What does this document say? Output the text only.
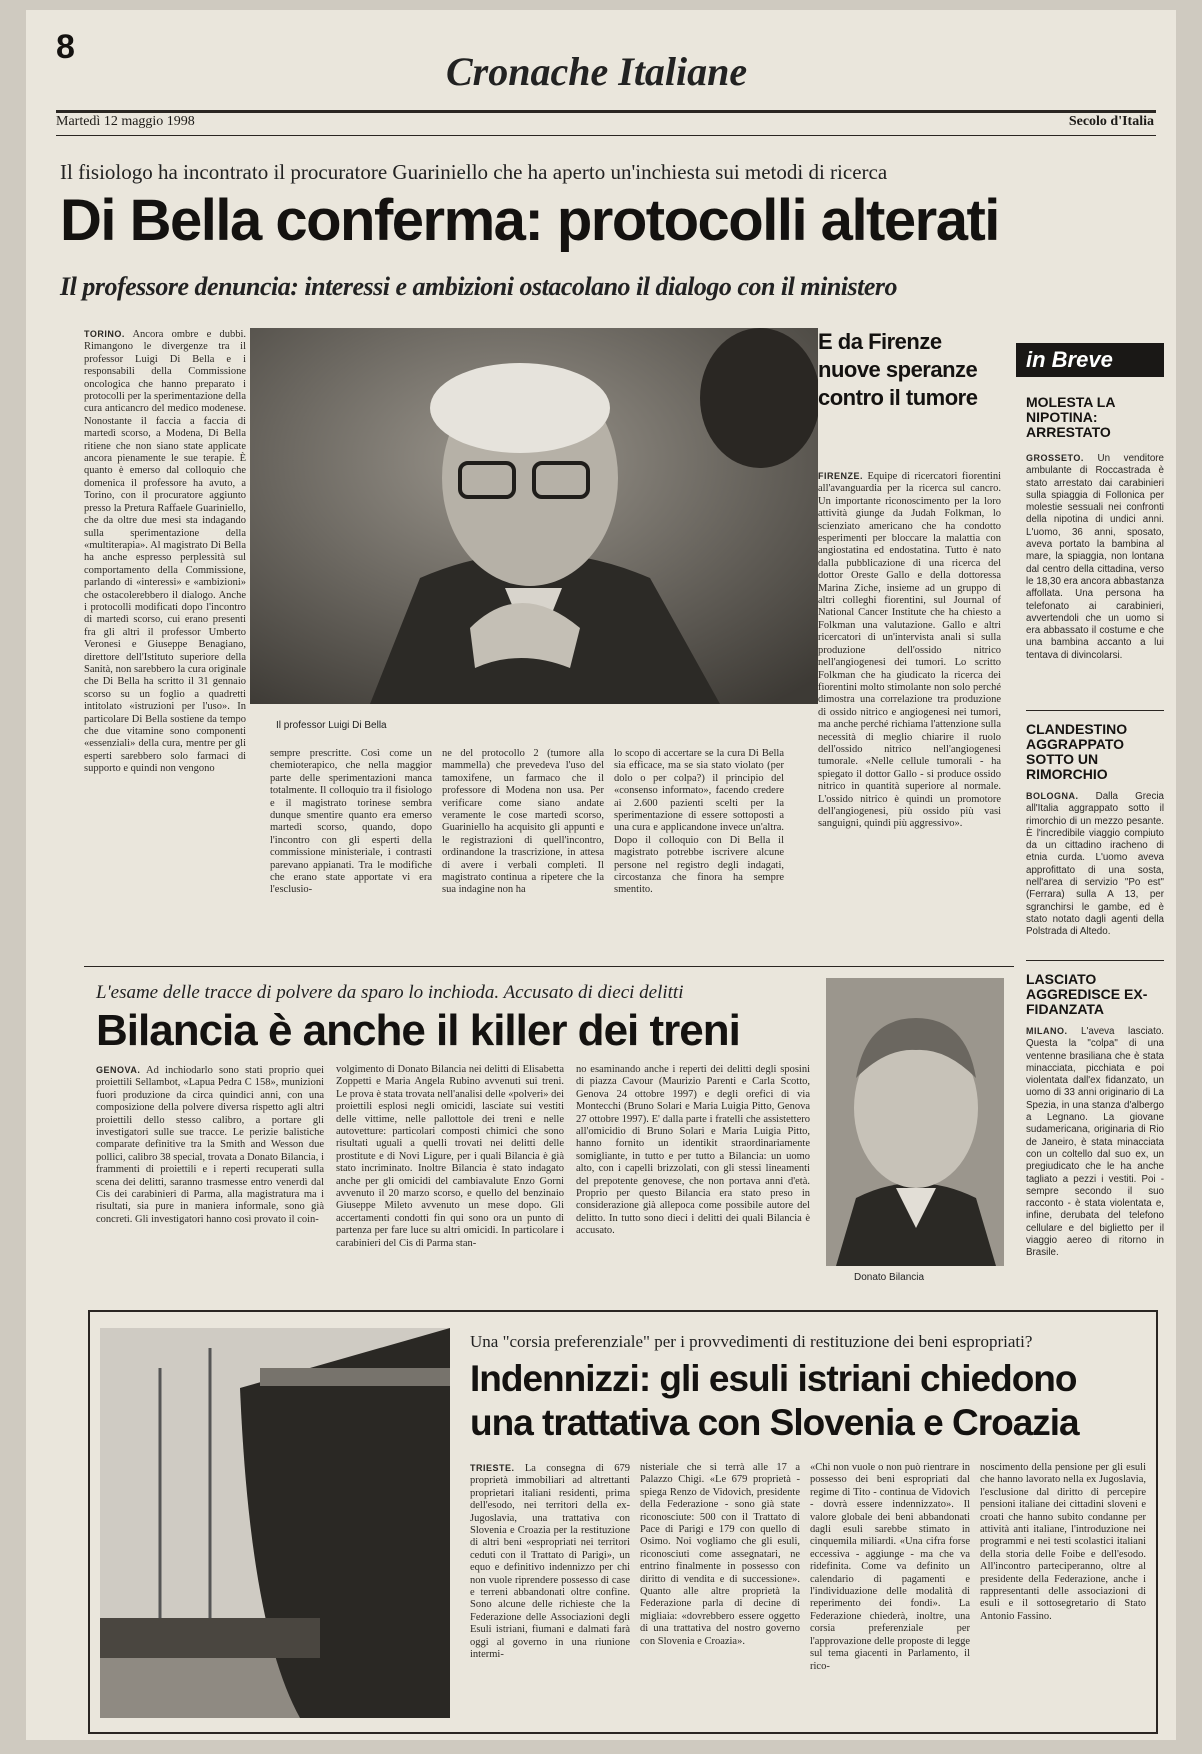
8
Cronache Italiane
Martedì 12 maggio 1998	Secolo d'Italia
Il fisiologo ha incontrato il procuratore Guariniello che ha aperto un'inchiesta sui metodi di ricerca
Di Bella conferma: protocolli alterati
Il professore denuncia: interessi e ambizioni ostacolano il dialogo con il ministero
Il professor Luigi Di Bella
TORINO. Ancora ombre e dubbi. Rimangono le divergenze tra il professor Luigi Di Bella e i responsabili della Commissione oncologica che hanno preparato i protocolli per la sperimentazione della cura anticancro del medico modenese. Nonostante il faccia a faccia di martedì scorso, a Modena, Di Bella ritiene che non siano state applicate ancora pienamente le sue terapie. È quanto è emerso dal colloquio che domenica il professore ha avuto, a Torino, con il procuratore aggiunto presso la Pretura Raffaele Guariniello, che da oltre due mesi sta indagando sulla sperimentazione della «multiterapia». Al magistrato Di Bella ha anche espresso perplessità sul comportamento della Commissione, parlando di «interessi» e «ambizioni» che ostacolerebbero il dialogo. Anche i protocolli modificati dopo l'incontro di martedì scorso, cui erano presenti fra gli altri il professor Umberto Veronesi e Giuseppe Benagiano, direttore dell'Istituto superiore della Sanità, non sarebbero la cura originale che Di Bella ha scritto il 31 gennaio scorso su un foglio a quadretti intitolato «istruzioni per l'uso». In particolare Di Bella sostiene da tempo che due vitamine sono componenti «essenziali» della cura, mentre per gli esperti sarebbero solo farmaci di supporto e quindi non vengono
sempre prescritte. Così come un chemioterapico, che nella maggior parte delle sperimentazioni manca totalmente. Il colloquio tra il fisiologo e il magistrato torinese sembra dunque smentire quanto era emerso martedì scorso, quando, dopo l'incontro con gli esperti della commissione ministeriale, i contrasti parevano appianati. Tra le modifiche che erano state apportate vi era l'esclusio-
ne del protocollo 2 (tumore alla mammella) che prevedeva l'uso del tamoxifene, un farmaco che il professore di Modena non usa. Per verificare come siano andate veramente le cose martedì scorso, Guariniello ha acquisito gli appunti e le registrazioni di quell'incontro, ordinandone la trascrizione, in attesa di avere i verbali completi. Il magistrato continua a ripetere che la sua indagine non ha
lo scopo di accertare se la cura Di Bella sia efficace, ma se sia stato violato (per dolo o per colpa?) il principio del «consenso informato», facendo credere ai 2.600 pazienti scelti per la sperimentazione di essere sottoposti a una cura e applicandone invece un'altra. Dopo il colloquio con Di Bella il magistrato potrebbe iscrivere alcune persone nel registro degli indagati, circostanza che finora ha sempre smentito.
E da Firenze nuove speranze contro il tumore
FIRENZE. Equipe di ricercatori fiorentini all'avanguardia per la ricerca sul cancro. Un importante riconoscimento per la loro attività giunge da Judah Folkman, lo scienziato americano che ha condotto esperimenti per bloccare la malattia con angiostatina ed endostatina. Tutto è nato dalla pubblicazione di una ricerca del dottor Oreste Gallo e della dottoressa Marina Ziche, insieme ad un gruppo di altri colleghi fiorentini, sul Journal of National Cancer Institute che ha chiesto a Folkman una valutazione. Gallo e altri ricercatori di un'intervista anali si sulla produzione dell'ossido nitrico nell'angiogenesi dei tumori. Lo scritto Folkman che ha giudicato la ricerca dei fiorentini molto stimolante non solo perché dimostra una correlazione tra produzione di ossido nitrico e angiogenesi nei tumori, ma anche perché richiama l'attenzione sulla necessità di meglio chiarire il ruolo dell'ossido nitrico nell'angiogenesi tumorale. «Nelle cellule tumorali - ha spiegato il dottor Gallo - si produce ossido nitrico in quantità superiore al normale. L'ossido nitrico è quindi un promotore dell'angiogenesi, più ossido più vasi sanguigni, quindi più aggressivo».
in Breve
MOLESTA LA NIPOTINA: ARRESTATO
GROSSETO. Un venditore ambulante di Roccastrada è stato arrestato dai carabinieri sulla spiaggia di Follonica per molestie sessuali nei confronti della nipotina di undici anni. L'uomo, 36 anni, sposato, aveva portato la bambina al mare, la spiaggia, non lontana dal centro della cittadina, verso le 18,30 era ancora abbastanza affollata. Una persona ha telefonato ai carabinieri, avvertendoli che un uomo si era abbassato il costume e che una bambina accanto a lui tentava di divincolarsi.
CLANDESTINO AGGRAPPATO SOTTO UN RIMORCHIO
BOLOGNA. Dalla Grecia all'Italia aggrappato sotto il rimorchio di un mezzo pesante. È l'incredibile viaggio compiuto da un cittadino iracheno di etnia curda. L'uomo aveva approfittato di una sosta, nell'area di servizio "Po est" (Ferrara) sulla A 13, per sgranchirsi le gambe, ed è stato notato dagli agenti della Polstrada di Altedo.
LASCIATO AGGREDISCE EX-FIDANZATA
MILANO. L'aveva lasciato. Questa la "colpa" di una ventenne brasiliana che è stata minacciata, picchiata e poi violentata dall'ex fidanzato, un uomo di 33 anni originario di La Spezia, in una stanza d'albergo a Legnano. La giovane sudamericana, originaria di Rio de Janeiro, è stata minacciata con un coltello dal suo ex, un pregiudicato che le ha anche tagliato a pezzi i vestiti. Poi - sempre secondo il suo racconto - è stata violentata e, infine, derubata del telefono cellulare e del biglietto per il viaggio aereo di ritorno in Brasile.
L'esame delle tracce di polvere da sparo lo inchioda. Accusato di dieci delitti
Bilancia è anche il killer dei treni
Donato Bilancia
GENOVA. Ad inchiodarlo sono stati proprio quei proiettili Sellambot, «Lapua Pedra C 158», munizioni fuori produzione da circa quindici anni, con una composizione della polvere diversa rispetto agli altri proiettili dello stesso calibro, a portare gli investigatori sulle sue tracce. Le perizie balistiche comparate definitive tra la Smith and Wesson due pollici, calibro 38 special, trovata a Donato Bilancia, i frammenti di proiettili e i reperti recuperati sulla scena dei delitti, saranno trasmesse entro venerdì dal Cis dei carabinieri di Parma, alla magistratura ma i risultati, sia pure in maniera informale, sono già concreti. Gli investigatori hanno così provato il coin-
volgimento di Donato Bilancia nei delitti di Elisabetta Zoppetti e Maria Angela Rubino avvenuti sui treni. Le prova è stata trovata nell'analisi delle «polveri» dei proiettili esplosi negli omicidi, lasciate sui vestiti delle vittime, nelle pallottole dei treni e nelle autovetture: particolari composti chimici che sono risultati uguali a quelli trovati nei delitti delle prostitute e di Novi Ligure, per i quali Bilancia è già stato incriminato. Inoltre Bilancia è stato indagato anche per gli omicidi del cambiavalute Enzo Gorni avvenuto il 20 marzo scorso, e quello del benzinaio Giuseppe Mileto avvenuto un mese dopo. Gli accertamenti condotti fin qui sono ora un punto di partenza per fare luce su altri omicidi. In particolare i carabinieri del Cis di Parma stan-
no esaminando anche i reperti dei delitti degli sposini di piazza Cavour (Maurizio Parenti e Carla Scotto, Genova 24 ottobre 1997) e degli orefici di via Montecchi (Bruno Solari e Maria Luigia Pitto, Genova 27 ottobre 1997). E' dalla parte i fratelli che assistettero all'omicidio di Bruno Solari e Maria Luigia Pitto, hanno fornito un identikit straordinariamente somigliante, in tutto e per tutto a Bilancia: un uomo alto, con i capelli brizzolati, con gli stessi lineamenti del prepotente genovese, che non portava anni d'età. Proprio per questo Bilancia era stato preso in considerazione già allepoca come possibile autore del delitto. In tutto sono dieci i delitti dei quali Bilancia è accusato.
Una "corsia preferenziale" per i provvedimenti di restituzione dei beni espropriati?
Indennizzi: gli esuli istriani chiedono
una trattativa con Slovenia e Croazia
TRIESTE. La consegna di 679 proprietà immobiliari ad altrettanti proprietari italiani residenti, prima dell'esodo, nei territori della ex-Jugoslavia, una trattativa con Slovenia e Croazia per la restituzione di altri beni «espropriati nei territori ceduti con il Trattato di Parigi», un equo e definitivo indennizzo per chi non vuole riprendere possesso di case e terreni abbandonati oltre confine. Sono alcune delle richieste che la Federazione delle Associazioni degli Esuli istriani, fiumani e dalmati farà oggi al governo in una riunione intermi-
nisteriale che si terrà alle 17 a Palazzo Chigi. «Le 679 proprietà - spiega Renzo de Vidovich, presidente della Federazione - sono già state riconosciute: 500 con il Trattato di Pace di Parigi e 179 con quello di Osimo. Noi vogliamo che gli esuli, riconosciuti come assegnatari, ne entrino finalmente in possesso con diritto di vendita e di successione». Quanto alle altre proprietà la Federazione parla di decine di migliaia: «dovrebbero essere oggetto di una trattativa del nostro governo con Slovenia e Croazia».
«Chi non vuole o non può rientrare in possesso dei beni espropriati dal regime di Tito - continua de Vidovich - dovrà essere indennizzato». Il valore globale dei beni abbandonati dagli esuli sarebbe stimato in cinquemila miliardi. «Una cifra forse eccessiva - aggiunge - ma che va ridefinita. Come va definito un calendario di pagamenti e l'individuazione delle modalità di reperimento dei fondi». La Federazione chiederà, inoltre, una corsia preferenziale per l'approvazione delle proposte di legge sul tema giacenti in Parlamento, il rico-
noscimento della pensione per gli esuli che hanno lavorato nella ex Jugoslavia, l'esclusione dal diritto di percepire pensioni italiane dei cittadini sloveni e croati che hanno subito condanne per attività anti italiane, l'introduzione nei programmi e nei testi scolastici italiani della storia delle Foibe e dell'esodo. All'incontro parteciperanno, oltre al presidente della Federazione, anche i rappresentanti delle associazioni di esuli e il sottosegretario di Stato Antonio Fassino.
